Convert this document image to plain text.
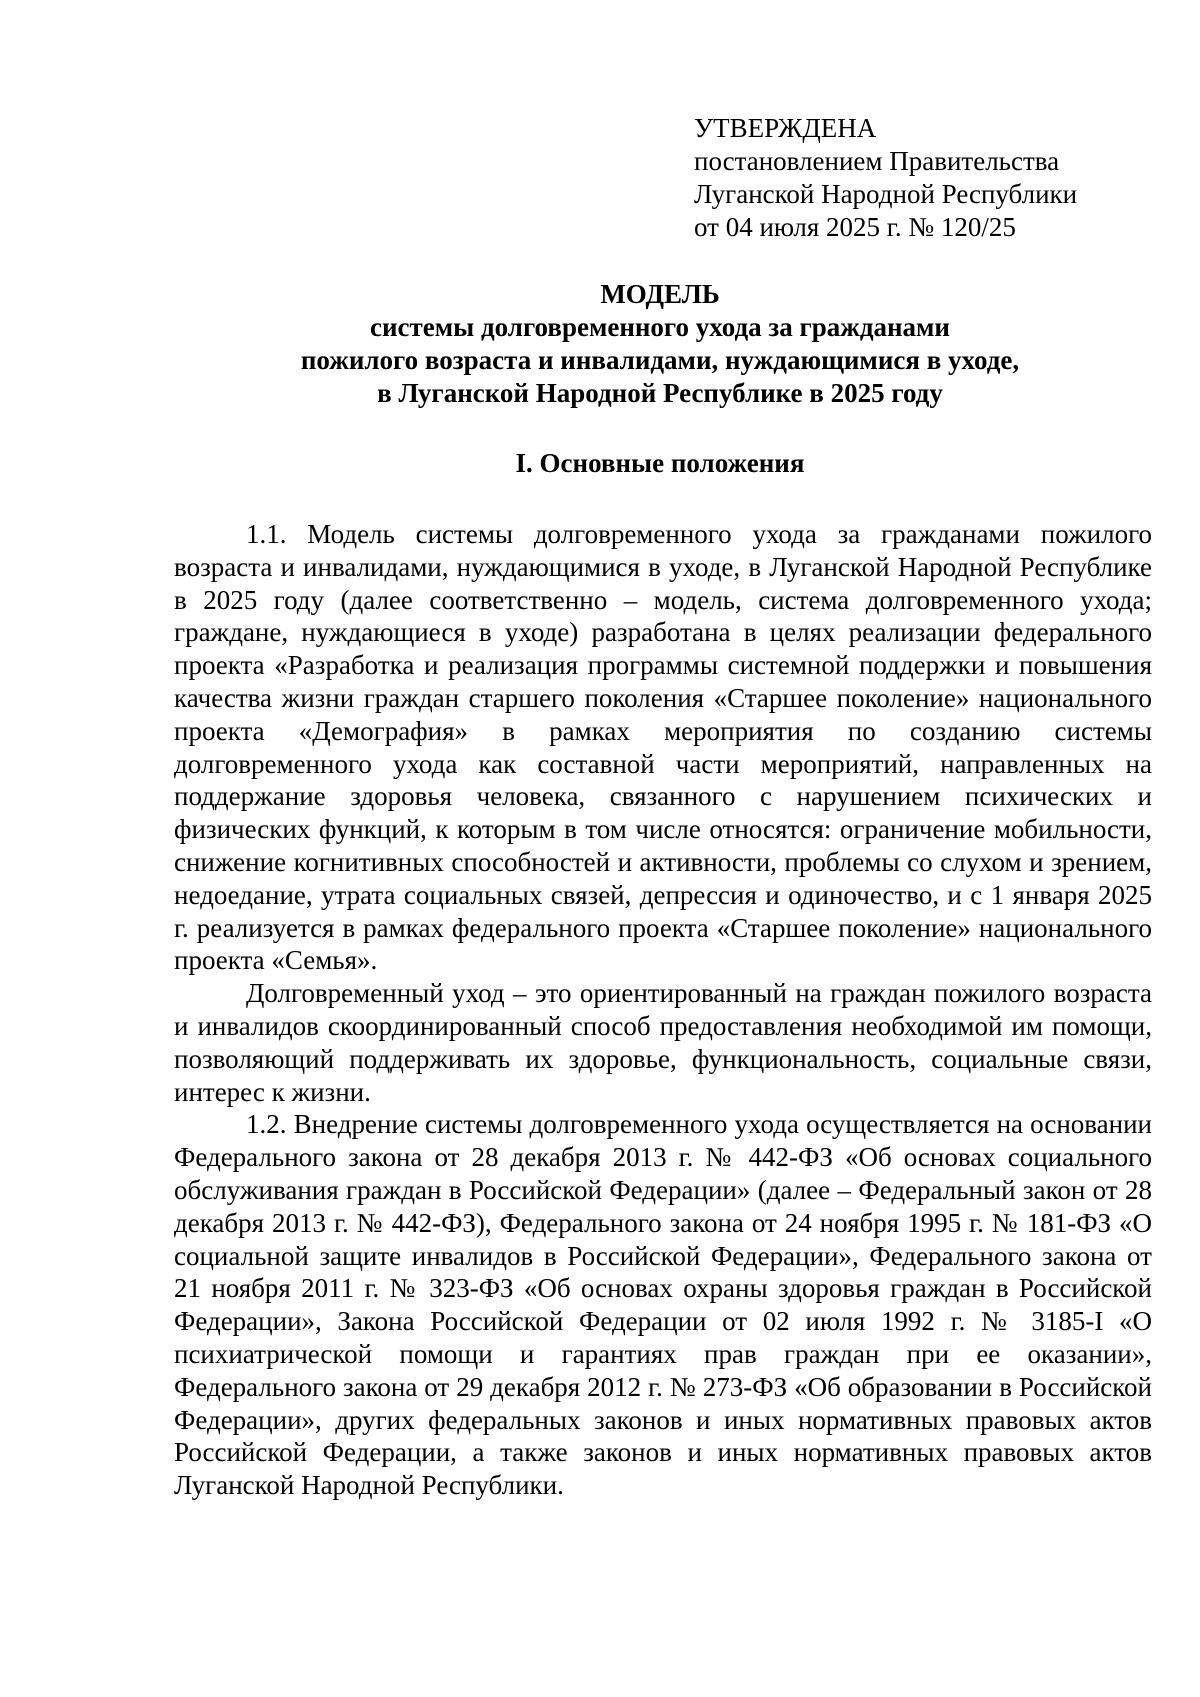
УТВЕРЖДЕНА
постановлением Правительства
Луганской Народной Республики
от 04 июля 2025 г. № 120/25
МОДЕЛЬ
системы долговременного ухода за гражданами
пожилого возраста и инвалидами, нуждающимися в уходе,
в Луганской Народной Республике в 2025 году
I. Основные положения

1.1. Модель системы долговременного ухода за гражданами пожилого возраста и инвалидами, нуждающимися в уходе, в Луганской Народной Республике в 2025 году (далее соответственно – модель, система долговременного ухода; граждане, нуждающиеся в уходе) разработана в целях реализации федерального проекта «Разработка и реализация программы системной поддержки и повышения качества жизни граждан старшего поколения «Старшее поколение» национального проекта «Демография» в рамках мероприятия по созданию системы долговременного ухода как составной части мероприятий, направленных на поддержание здоровья человека, связанного с нарушением психических и физических функций, к которым в том числе относятся: ограничение мобильности, снижение когнитивных способностей и активности, проблемы со слухом и зрением, недоедание, утрата социальных связей, депрессия и одиночество, и с 1 января 2025 г. реализуется в рамках федерального проекта «Старшее поколение» национального проекта «Семья».

Долговременный уход – это ориентированный на граждан пожилого возраста и инвалидов скоординированный способ предоставления необходимой им помощи, позволяющий поддерживать их здоровье, функциональность, социальные связи, интерес к жизни.

1.2. Внедрение системы долговременного ухода осуществляется на основании Федерального закона от 28 декабря 2013 г. № 442-ФЗ «Об основах социального обслуживания граждан в Российской Федерации» (далее – Федеральный закон от 28 декабря 2013 г. № 442-ФЗ), Федерального закона от 24 ноября 1995 г. № 181-ФЗ «О социальной защите инвалидов в Российской Федерации», Федерального закона от 21 ноября 2011 г. № 323-ФЗ «Об основах охраны здоровья граждан в Российской Федерации», Закона Российской Федерации от 02 июля 1992 г. № 3185-I «О психиатрической помощи и гарантиях прав граждан при ее оказании», Федерального закона от 29 декабря 2012 г. № 273-ФЗ «Об образовании в Российской Федерации», других федеральных законов и иных нормативных правовых актов Российской Федерации, а также законов и иных нормативных правовых актов Луганской Народной Республики.
